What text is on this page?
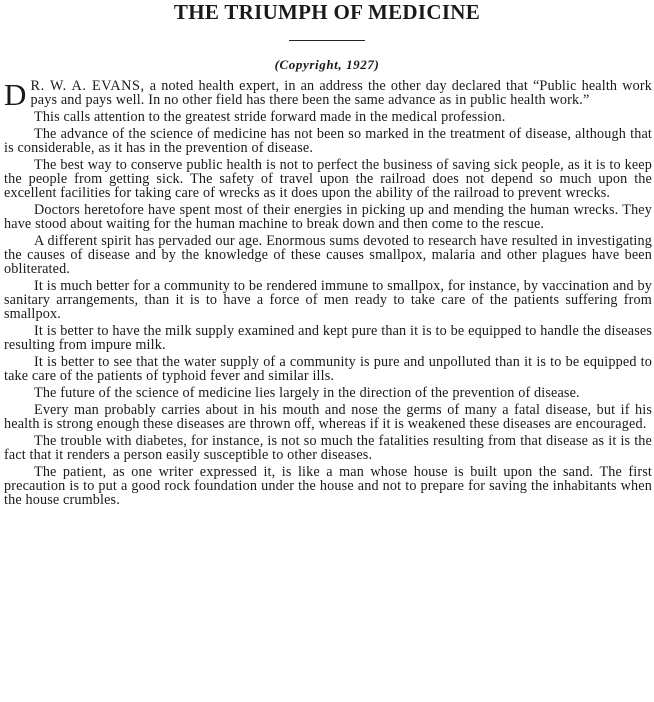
THE TRIUMPH OF MEDICINE
(Copyright, 1927)

D R. W. A. EVANS, a noted health expert, in an address the other day declared that “Public health work pays and pays well. In no other field has there been the same advance as in public health work.”

This calls attention to the greatest stride forward made in the medical profession.

The advance of the science of medicine has not been so marked in the treatment of disease, although that is considerable, as it has in the prevention of disease.

The best way to conserve public health is not to perfect the business of saving sick people, as it is to keep the people from getting sick. The safety of travel upon the railroad does not depend so much upon the excellent facilities for taking care of wrecks as it does upon the ability of the railroad to prevent wrecks.

Doctors heretofore have spent most of their energies in picking up and mending the human wrecks. They have stood about waiting for the human machine to break down and then come to the rescue.

A different spirit has pervaded our age. Enormous sums devoted to research have resulted in investigating the causes of disease and by the knowledge of these causes smallpox, malaria and other plagues have been obliterated.

It is much better for a community to be rendered immune to smallpox, for instance, by vaccination and by sanitary arrangements, than it is to have a force of men ready to take care of the patients suffering from smallpox.

It is better to have the milk supply examined and kept pure than it is to be equipped to handle the diseases resulting from impure milk.

It is better to see that the water supply of a community is pure and unpolluted than it is to be equipped to take care of the patients of typhoid fever and similar ills.

The future of the science of medicine lies largely in the direction of the prevention of disease.

Every man probably carries about in his mouth and nose the germs of many a fatal disease, but if his health is strong enough these diseases are thrown off, whereas if it is weakened these diseases are encouraged.

The trouble with diabetes, for instance, is not so much the fatalities resulting from that disease as it is the fact that it renders a person easily susceptible to other diseases.

The patient, as one writer expressed it, is like a man whose house is built upon the sand. The first precaution is to put a good rock foundation under the house and not to prepare for saving the inhabitants when the house crumbles.
